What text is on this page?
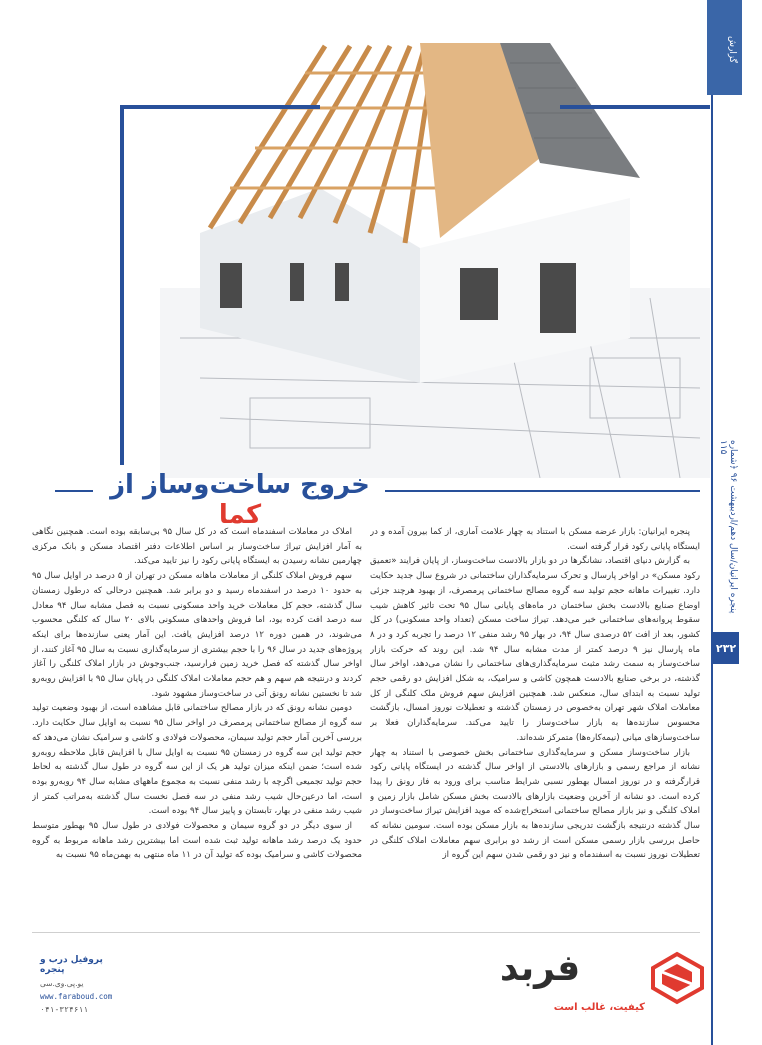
گزارش
پنجره ایرانیان/سال دهم/اردیبهشت ۹۶ ﴿شماره ۱۱۵
۲۳۲
خروج ساخت‌وساز از کما

پنجره ایرانیان: بازار عرضه مسکن با استناد به چهار علامت آماری، از کما بیرون آمده و در ایستگاه پایانی رکود قرار گرفته است.

به گزارش دنیای اقتصاد، نشانگرها در دو بازار بالادست ساخت‌وساز، از پایان فرایند «تعمیق رکود مسکن» در اواخر پارسال و تحرک سرمایه‌گذاران ساختمانی در شروع سال جدید حکایت دارد. تغییرات ماهانه حجم تولید سه گروه مصالح ساختمانی پرمصرف، از بهبود هرچند جزئی اوضاع صنایع بالادست بخش ساختمان در ماه‌های پایانی سال ۹۵ تحت تاثیر کاهش شیب سقوط پروانه‌های ساختمانی خبر می‌دهد. تیراژ ساخت مسکن (تعداد واحد مسکونی) در کل کشور، بعد از افت ۵۲ درصدی سال ۹۴، در بهار ۹۵ رشد منفی ۱۲ درصد را تجربه کرد و در ۸ ماه پارسال نیز ۹ درصد کمتر از مدت مشابه سال ۹۴ شد. این روند که حرکت بازار ساخت‌وساز به سمت رشد مثبت سرمایه‌گذاری‌های ساختمانی را نشان می‌دهد، اواخر سال گذشته، در برخی صنایع بالادست همچون کاشی و سرامیک، به شکل افزایش دو رقمی حجم تولید نسبت به ابتدای سال، منعکس شد. همچنین افزایش سهم فروش ملک کلنگی از کل معاملات املاک شهر تهران به‌خصوص در زمستان گذشته و تعطیلات نوروز امسال، بازگشت محسوس سازنده‌ها به بازار ساخت‌وساز را تایید می‌کند. سرمایه‌گذاران فعلا بر ساخت‌وسازهای میانی (نیمه‌کاره‌ها) متمرکز شده‌اند.

بازار ساخت‌وساز مسکن و سرمایه‌گذاری ساختمانی بخش خصوصی با استناد به چهار نشانه از مراجع رسمی و بازارهای بالادستی از اواخر سال گذشته در ایستگاه پایانی رکود قرارگرفته و در نوروز امسال بهطور نسبی شرایط مناسب برای ورود به فاز رونق را پیدا کرده است. دو نشانه از آخرین وضعیت بازارهای بالادست بخش مسکن شامل بازار زمین و املاک کلنگی و نیز بازار مصالح ساختمانی استخراج‌شده که موید افزایش تیراژ ساخت‌وساز در سال گذشته درنتیجه بازگشت تدریجی سازنده‌ها به بازار مسکن بوده است. سومین نشانه که حاصل بررسی بازار رسمی مسکن است از رشد دو برابری سهم معاملات املاک کلنگی در تعطیلات نوروز نسبت به اسفندماه و نیز دو رقمی شدن سهم این گروه از

املاک در معاملات اسفندماه است که در کل سال ۹۵ بی‌سابقه بوده است. همچنین نگاهی به آمار افزایش تیراژ ساخت‌وساز بر اساس اطلاعات دفتر اقتصاد مسکن و بانک مرکزی چهارمین نشانه رسیدن به ایستگاه پایانی رکود را نیز تایید می‌کند.

سهم فروش املاک کلنگی از معاملات ماهانه مسکن در تهران از ۵ درصد در اوایل سال ۹۵ به حدود ۱۰ درصد در اسفندماه رسید و دو برابر شد. همچنین درحالی که درطول زمستان سال گذشته، حجم کل معاملات خرید واحد مسکونی نسبت به فصل مشابه سال ۹۴ معادل سه درصد افت کرده بود، اما فروش واحدهای مسکونی بالای ۲۰ سال که کلنگی محسوب می‌شوند، در همین دوره ۱۲ درصد افزایش یافت. این آمار یعنی سازنده‌ها برای اینکه پروژه‌های جدید در سال ۹۶ را با حجم بیشتری از سرمایه‌گذاری نسبت به سال ۹۵ آغاز کنند، از اواخر سال گذشته که فصل خرید زمین فرارسید، جنب‌وجوش در بازار املاک کلنگی را آغاز کردند و درنتیجه هم سهم و هم حجم معاملات املاک کلنگی در پایان سال ۹۵ با افزایش روبه‌رو شد تا نخستین نشانه رونق آتی در ساخت‌وساز مشهود شود.

دومین نشانه رونق که در بازار مصالح ساختمانی قابل مشاهده است، از بهبود وضعیت تولید سه گروه از مصالح ساختمانی پرمصرف در اواخر سال ۹۵ نسبت به اوایل سال حکایت دارد. بررسی آخرین آمار حجم تولید سیمان، محصولات فولادی و کاشی و سرامیک نشان می‌دهد که حجم تولید این سه گروه در زمستان ۹۵ نسبت به اوایل سال با افزایش قابل ملاحظه روبه‌رو شده است؛ ضمن اینکه میزان تولید هر یک از این سه گروه در طول سال گذشته به لحاظ حجم تولید تجمیعی اگرچه با رشد منفی نسبت به مجموع ماههای مشابه سال ۹۴ روبه‌رو بوده است، اما درعین‌حال شیب رشد منفی در سه فصل نخست سال گذشته به‌مراتب کمتر از شیب رشد منفی در بهار، تابستان و پاییز سال ۹۴ بوده است.

از سوی دیگر در دو گروه سیمان و محصولات فولادی در طول سال ۹۵ بهطور متوسط حدود یک درصد رشد ماهانه تولید ثبت شده است اما بیشترین رشد ماهانه مربوط به گروه محصولات کاشی و سرامیک بوده که تولید آن در ۱۱ ماه منتهی به بهمن‌ماه ۹۵ نسبت به

پروفیل درب و پنجره
یو.پی.وی.سی
www.faraboud.com
۰۴۱-۳۲۴۶۱۱
فربد
کیفیت، غالب است
